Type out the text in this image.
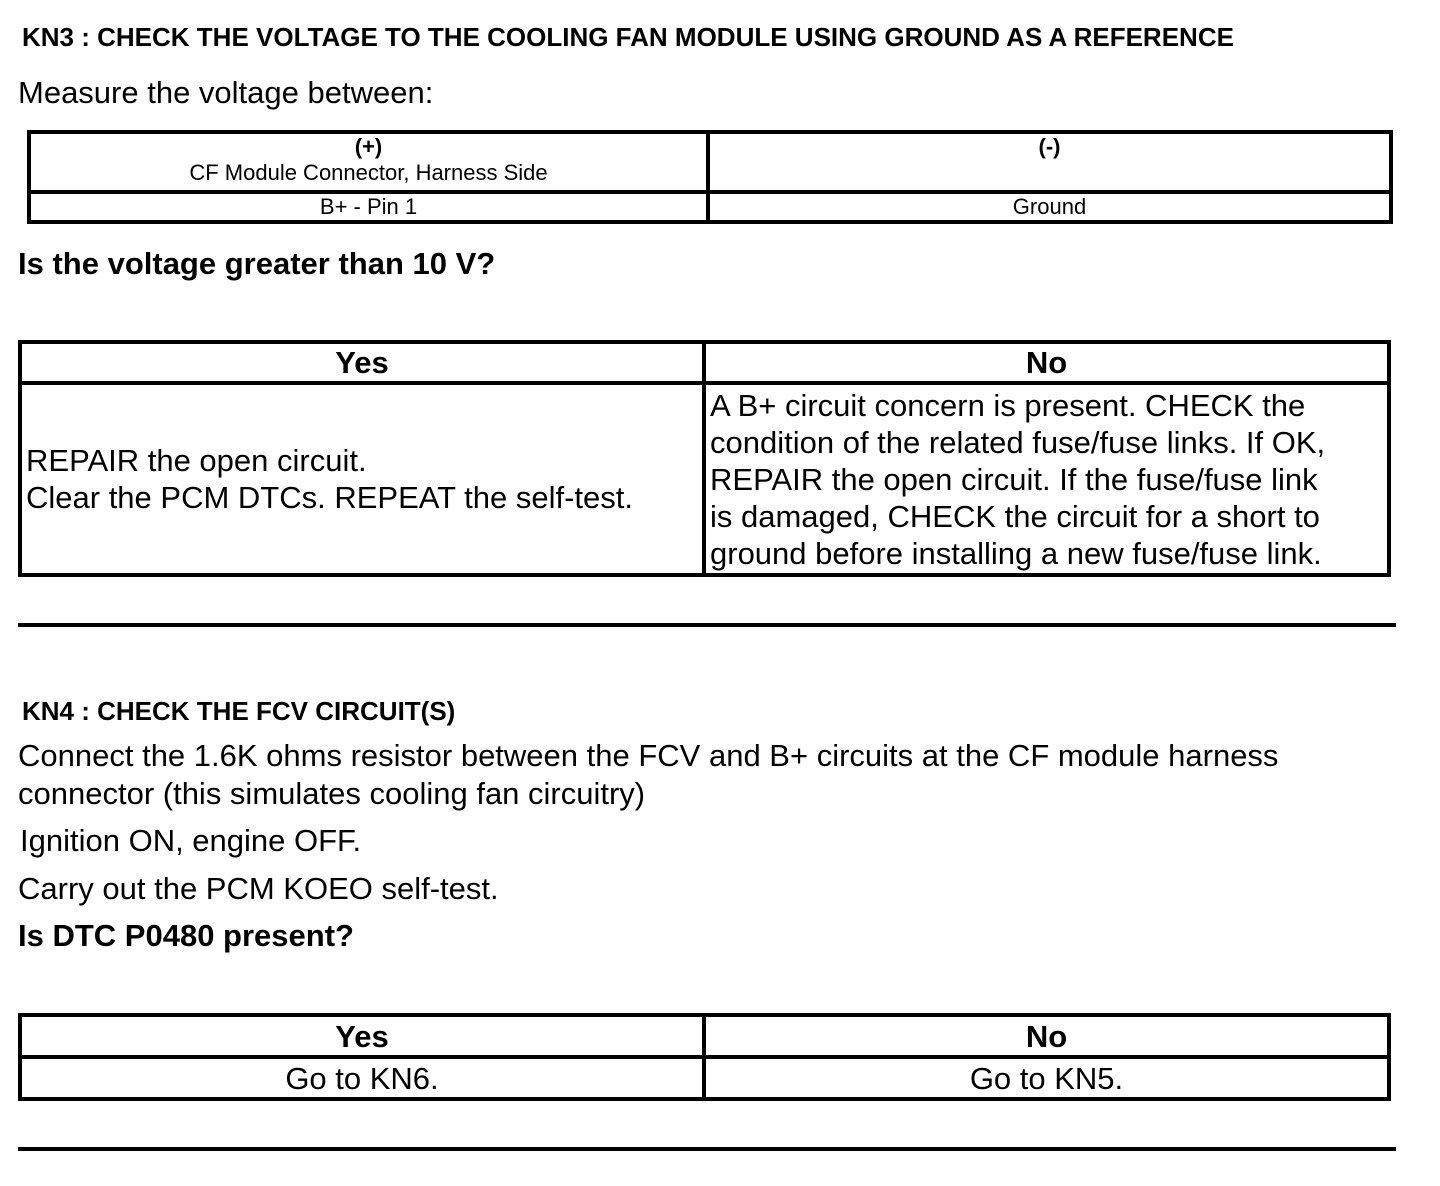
KN3 : CHECK THE VOLTAGE TO THE COOLING FAN MODULE USING GROUND AS A REFERENCE

Measure the voltage between:

(+)
CF Module Connector, Harness Side	(-)
B+ - Pin 1	Ground

Is the voltage greater than 10 V?

Yes	No

REPAIR the open circuit.
Clear the PCM DTCs. REPEAT the self-test.	A B+ circuit concern is present. CHECK the
condition of the related fuse/fuse links. If OK,
REPAIR the open circuit. If the fuse/fuse link
is damaged, CHECK the circuit for a short to
ground before installing a new fuse/fuse link.

KN4 : CHECK THE FCV CIRCUIT(S)

Connect the 1.6K ohms resistor between the FCV and B+ circuits at the CF module harness

connector (this simulates cooling fan circuitry)

Ignition ON, engine OFF.

Carry out the PCM KOEO self-test.

Is DTC P0480 present?

Yes	No
Go to KN6.	Go to KN5.
